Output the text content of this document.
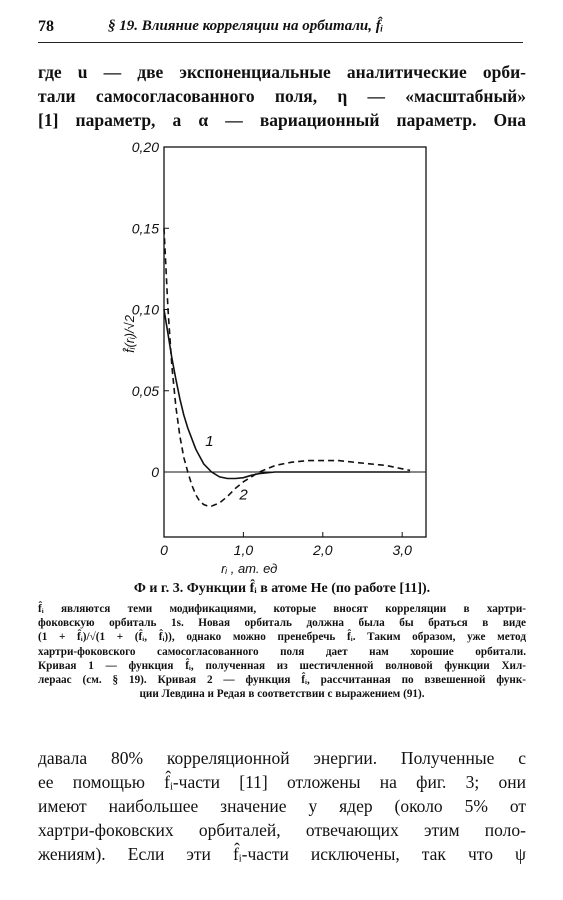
78	§ 19. Влияние корреляции на орбитали, f̂ᵢ
где u — две экспоненциальные аналитические орби-
тали самосогласованного поля, η — «масштабный»
[1] параметр, а α — вариационный параметр. Она
0
0,05
0,10
0,15
0,20
0	1,0	2,0	3,0
rᵢ , ат. ед
f̂ᵢ(rᵢ)/√2
1
2
Ф и г. 3. Функции f̂ᵢ в атоме He (по работе [11]).
f̂ᵢ являются теми модификациями, которые вносят корреляции в хартри-
фоковскую орбиталь 1s. Новая орбиталь должна была бы браться в виде
(1 + f̂ᵢ)/√(1 + (f̂ᵢ, f̂ᵢ)), однако можно пренебречь f̂ᵢ. Таким образом, уже метод
хартри-фоковского самосогласованного поля дает нам хорошие орбитали.
Кривая 1 — функция f̂ᵢ, полученная из шестичленной волновой функции Хил-
лераас (см. § 19). Кривая 2 — функция f̂ᵢ, рассчитанная по взвешенной функ-
ции Левдина и Редая в соответствии с выражением (91).
давала 80% корреляционной энергии. Полученные с
ее помощью f̂ᵢ-части [11] отложены на фиг. 3; они
имеют наибольшее значение у ядер (около 5% от
хартри-фоковских орбиталей, отвечающих этим поло-
жениям). Если эти f̂ᵢ-части исключены, так что ψ
